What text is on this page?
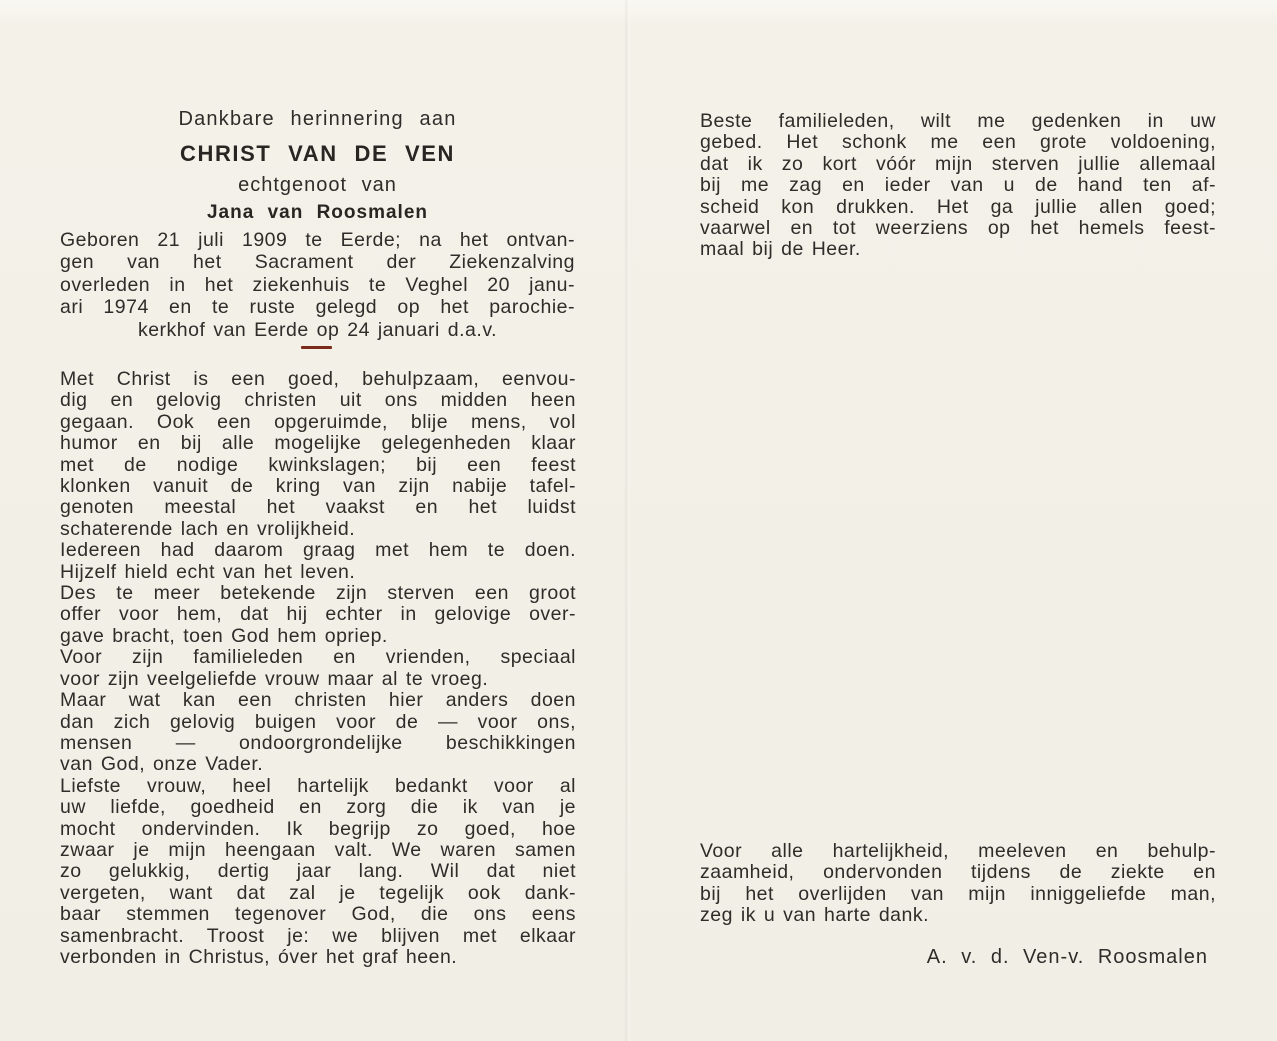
Dankbare herinnering aan
CHRIST VAN DE VEN
echtgenoot van
Jana van Roosmalen
Geboren 21 juli 1909 te Eerde; na het ontvan-
gen van het Sacrament der Ziekenzalving
overleden in het ziekenhuis te Veghel 20 janu-
ari 1974 en te ruste gelegd op het parochie-
kerkhof van Eerde op 24 januari d.a.v.
Met Christ is een goed, behulpzaam, eenvou-
dig en gelovig christen uit ons midden heen
gegaan. Ook een opgeruimde, blije mens, vol
humor en bij alle mogelijke gelegenheden klaar
met de nodige kwinkslagen; bij een feest
klonken vanuit de kring van zijn nabije tafel-
genoten meestal het vaakst en het luidst
schaterende lach en vrolijkheid.
Iedereen had daarom graag met hem te doen.
Hijzelf hield echt van het leven.
Des te meer betekende zijn sterven een groot
offer voor hem, dat hij echter in gelovige over-
gave bracht, toen God hem opriep.
Voor zijn familieleden en vrienden, speciaal
voor zijn veelgeliefde vrouw maar al te vroeg.
Maar wat kan een christen hier anders doen
dan zich gelovig buigen voor de — voor ons,
mensen — ondoorgrondelijke beschikkingen
van God, onze Vader.
Liefste vrouw, heel hartelijk bedankt voor al
uw liefde, goedheid en zorg die ik van je
mocht ondervinden. Ik begrijp zo goed, hoe
zwaar je mijn heengaan valt. We waren samen
zo gelukkig, dertig jaar lang. Wil dat niet
vergeten, want dat zal je tegelijk ook dank-
baar stemmen tegenover God, die ons eens
samenbracht. Troost je: we blijven met elkaar
verbonden in Christus, óver het graf heen.
Beste familieleden, wilt me gedenken in uw
gebed. Het schonk me een grote voldoening,
dat ik zo kort vóór mijn sterven jullie allemaal
bij me zag en ieder van u de hand ten af-
scheid kon drukken. Het ga jullie allen goed;
vaarwel en tot weerziens op het hemels feest-
maal bij de Heer.
Voor alle hartelijkheid, meeleven en behulp-
zaamheid, ondervonden tijdens de ziekte en
bij het overlijden van mijn inniggeliefde man,
zeg ik u van harte dank.
A. v. d. Ven-v. Roosmalen
